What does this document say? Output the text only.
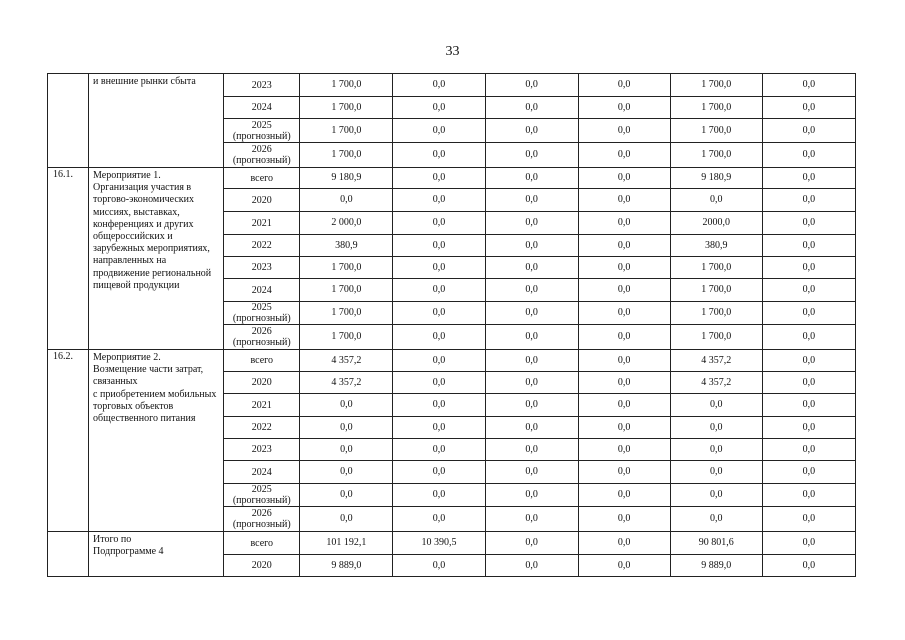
33
	и внешние рынки сбыта	2023	1 700,0	0,0	0,0	0,0	1 700,0	0,0

		2024	1 700,0	0,0	0,0	0,0	1 700,0	0,0

		2025
(прогнозный)	1 700,0	0,0	0,0	0,0	1 700,0	0,0

		2026
(прогнозный)	1 700,0	0,0	0,0	0,0	1 700,0	0,0
16.1.	Мероприятие 1.
Организация участия в торгово-экономических миссиях, выставках, конференциях и других общероссийских и зарубежных мероприятиях, направленных на продвижение региональной пищевой продукции	всего	9 180,9	0,0	0,0	0,0	9 180,9	0,0

		2020	0,0	0,0	0,0	0,0	0,0	0,0

		2021	2 000,0	0,0	0,0	0,0	2000,0	0,0

		2022	380,9	0,0	0,0	0,0	380,9	0,0

		2023	1 700,0	0,0	0,0	0,0	1 700,0	0,0

		2024	1 700,0	0,0	0,0	0,0	1 700,0	0,0

		2025
(прогнозный)	1 700,0	0,0	0,0	0,0	1 700,0	0,0

		2026
(прогнозный)	1 700,0	0,0	0,0	0,0	1 700,0	0,0
16.2.	Мероприятие 2.
Возмещение части затрат, связанных
с приобретением мобильных торговых объектов общественного питания	всего	4 357,2	0,0	0,0	0,0	4 357,2	0,0

		2020	4 357,2	0,0	0,0	0,0	4 357,2	0,0

		2021	0,0	0,0	0,0	0,0	0,0	0,0

		2022	0,0	0,0	0,0	0,0	0,0	0,0

		2023	0,0	0,0	0,0	0,0	0,0	0,0

		2024	0,0	0,0	0,0	0,0	0,0	0,0

		2025
(прогнозный)	0,0	0,0	0,0	0,0	0,0	0,0

		2026
(прогнозный)	0,0	0,0	0,0	0,0	0,0	0,0
	Итого по
Подпрограмме 4	всего	101 192,1	10 390,5	0,0	0,0	90 801,6	0,0

		2020	9 889,0	0,0	0,0	0,0	9 889,0	0,0
